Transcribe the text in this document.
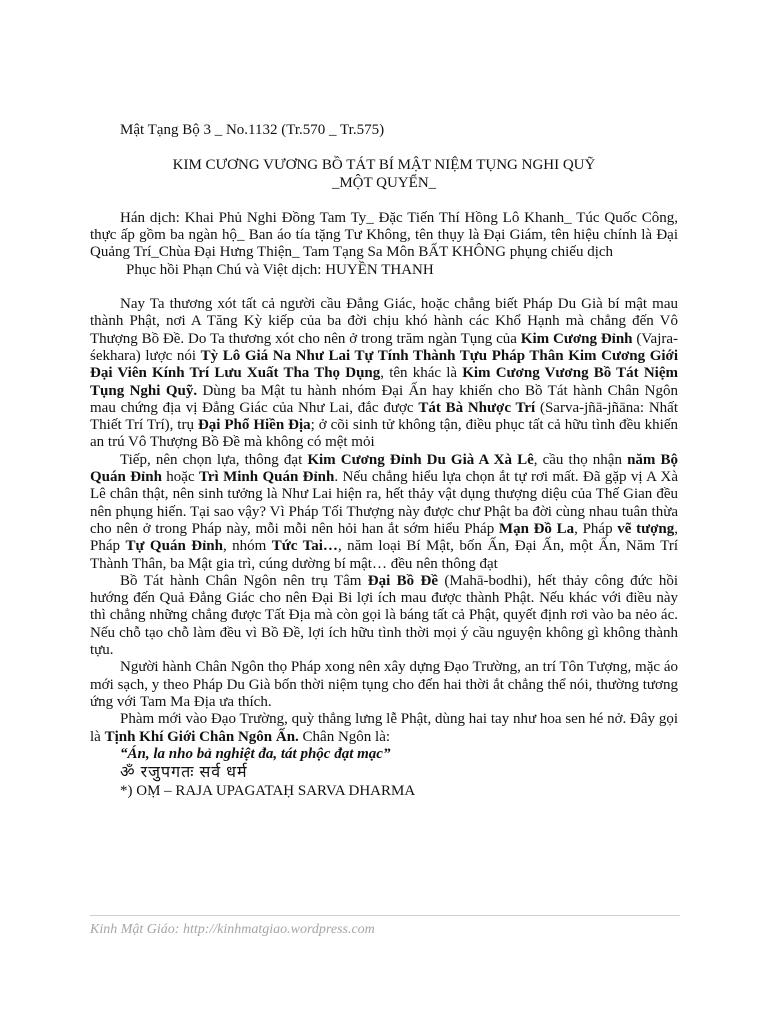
Mật Tạng Bộ 3 _ No.1132 (Tr.570 _ Tr.575)
KIM CƯƠNG VƯƠNG BỒ TÁT BÍ MẬT NIỆM TỤNG NGHI QUỸ
_MỘT QUYỂN_

Hán dịch: Khai Phủ Nghi Đồng Tam Ty_ Đặc Tiến Thí Hồng Lô Khanh_ Túc Quốc Công, thực ấp gồm ba ngàn hộ_ Ban áo tía tặng Tư Không, tên thụy là Đại Giám, tên hiệu chính là Đại Quảng Trí_Chùa Đại Hưng Thiện_ Tam Tạng Sa Môn BẤT KHÔNG phụng chiếu dịch

Phục hồi Phạn Chú và Việt dịch: HUYỀN THANH

Nay Ta thương xót tất cả người cầu Đẳng Giác, hoặc chẳng biết Pháp Du Già bí mật mau thành Phật, nơi A Tăng Kỳ kiếp của ba đời chịu khó hành các Khổ Hạnh mà chẳng đến Vô Thượng Bồ Đề. Do Ta thương xót cho nên ở trong trăm ngàn Tụng của Kim Cương Đỉnh (Vajra-śekhara) lược nói Tỳ Lô Giá Na Như Lai Tự Tính Thành Tựu Pháp Thân Kim Cương Giới Đại Viên Kính Trí Lưu Xuất Tha Thọ Dụng, tên khác là Kim Cương Vương Bồ Tát Niệm Tụng Nghi Quỹ. Dùng ba Mật tu hành nhóm Đại Ấn hay khiến cho Bồ Tát hành Chân Ngôn mau chứng địa vị Đẳng Giác của Như Lai, đắc được Tát Bà Nhược Trí (Sarva-jñā-jñāna: Nhất Thiết Trí Trí), trụ Đại Phổ Hiền Địa; ở cõi sinh tử không tận, điều phục tất cả hữu tình đều khiến an trú Vô Thượng Bồ Đề mà không có mệt mỏi

Tiếp, nên chọn lựa, thông đạt Kim Cương Đỉnh Du Già A Xà Lê, cầu thọ nhận năm Bộ Quán Đỉnh hoặc Trì Minh Quán Đỉnh. Nếu chẳng hiểu lựa chọn ắt tự rơi mất. Đã gặp vị A Xà Lê chân thật, nên sinh tưởng là Như Lai hiện ra, hết thảy vật dụng thượng diệu của Thế Gian đều nên phụng hiến. Tại sao vậy? Vì Pháp Tối Thượng này được chư Phật ba đời cùng nhau tuân thừa cho nên ở trong Pháp này, mỗi mỗi nên hỏi han ắt sớm hiểu Pháp Mạn Đồ La, Pháp vẽ tượng, Pháp Tự Quán Đỉnh, nhóm Tức Tai…, năm loại Bí Mật, bốn Ấn, Đại Ấn, một Ấn, Năm Trí Thành Thân, ba Mật gia trì, cúng dường bí mật… đều nên thông đạt

Bồ Tát hành Chân Ngôn nên trụ Tâm Đại Bồ Đề (Mahā-bodhi), hết thảy công đức hồi hướng đến Quả Đẳng Giác cho nên Đại Bi lợi ích mau được thành Phật. Nếu khác với điều này thì chẳng những chẳng được Tất Địa mà còn gọi là báng tất cả Phật, quyết định rơi vào ba nẻo ác. Nếu chỗ tạo chỗ làm đều vì Bồ Đề, lợi ích hữu tình thời mọi ý cầu nguyện không gì không thành tựu.

Người hành Chân Ngôn thọ Pháp xong nên xây dựng Đạo Trường, an trí Tôn Tượng, mặc áo mới sạch, y theo Pháp Du Già bốn thời niệm tụng cho đến hai thời ắt chẳng thể nói, thường tương ứng với Tam Ma Địa ưa thích.

Phàm mới vào Đạo Trường, quỳ thẳng lưng lễ Phật, dùng hai tay như hoa sen hé nở. Đây gọi là Tịnh Khí Giới Chân Ngôn Ấn. Chân Ngôn là:

“Án, la nho bả nghiệt đa, tát phộc đạt mạc”
ॐ रजुपगतः सर्व धर्म
*) OṂ – RAJA UPAGATAḤ SARVA DHARMA
Kinh Mật Giáo: http://kinhmatgiao.wordpress.com
